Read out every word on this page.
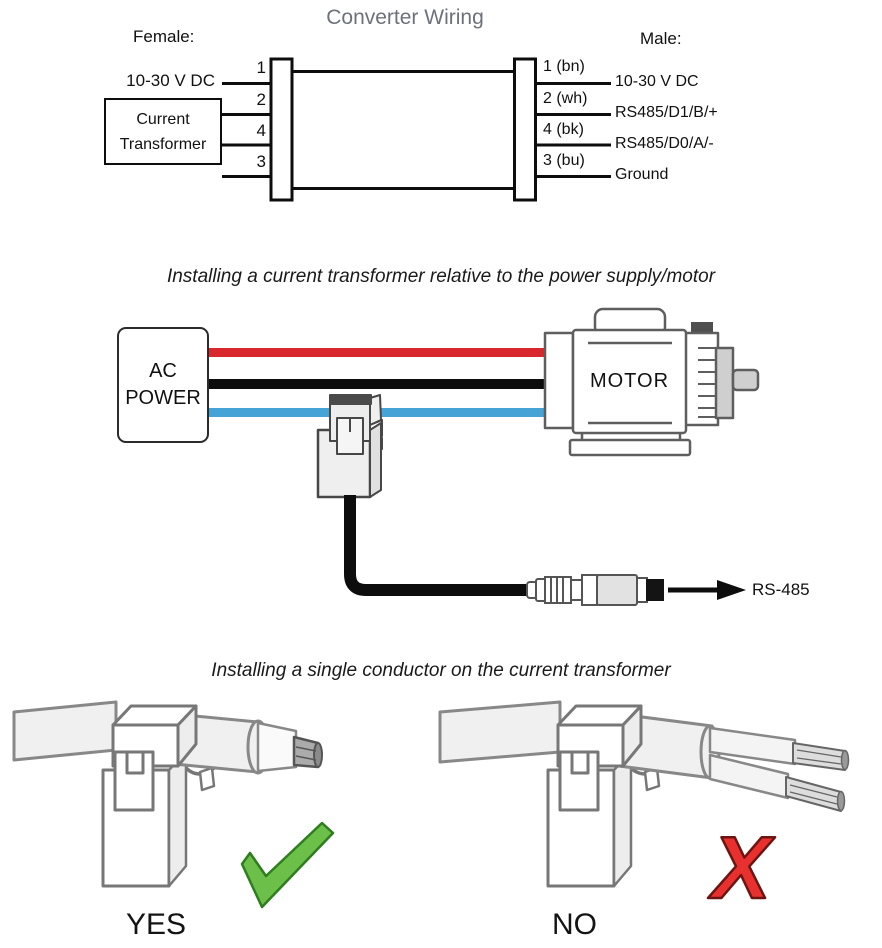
X
Converter Wiring
Female:	Male:
10-30 V DC
Current
Transformer
1
2
4
3
1 (bn)
2 (wh)
4 (bk)
3 (bu)
10-30 V DC
RS485/D1/B/+
RS485/D0/A/-
Ground
Installing a current transformer relative to the power supply/motor
AC
POWER
MOTOR
RS-485
Installing a single conductor on the current transformer
YES	NO
